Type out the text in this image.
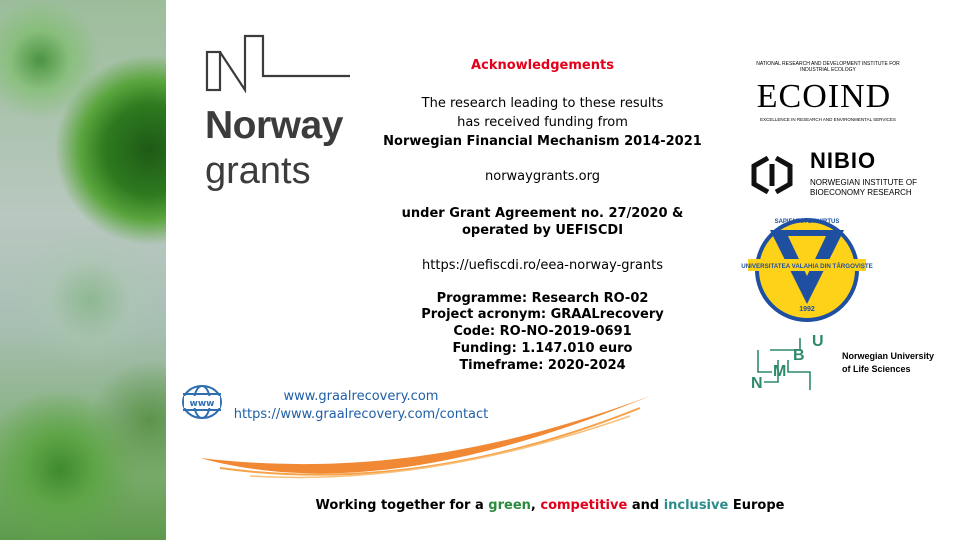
Norway
grants
Acknowledgements
The research leading to these results
has received funding from
Norwegian Financial Mechanism 2014-2021
norwaygrants.org
under Grant Agreement no. 27/2020 &
operated by UEFISCDI
https://uefiscdi.ro/eea-norway-grants
Programme: Research RO-02
Project acronym: GRAALrecovery
Code: RO-NO-2019-0691
Funding: 1.147.010 euro
Timeframe: 2020-2024
www	www.graalrecovery.com
https://www.graalrecovery.com/contact
Working together for a green, competitive and inclusive Europe
NATIONAL RESEARCH AND DEVELOPMENT INSTITUTE FOR INDUSTRIAL ECOLOGY
ECOIND
EXCELLENCE IN RESEARCH AND ENVIRONMENTAL SERVICES
NIBIO
NORWEGIAN INSTITUTE OF
BIOECONOMY RESEARCH
SAPIENTIA ET VIRTUS
UNIVERSITATEA VALAHIA DIN TÂRGOVIȘTE
1992
N
M
B
U
Norwegian University
of Life Sciences
